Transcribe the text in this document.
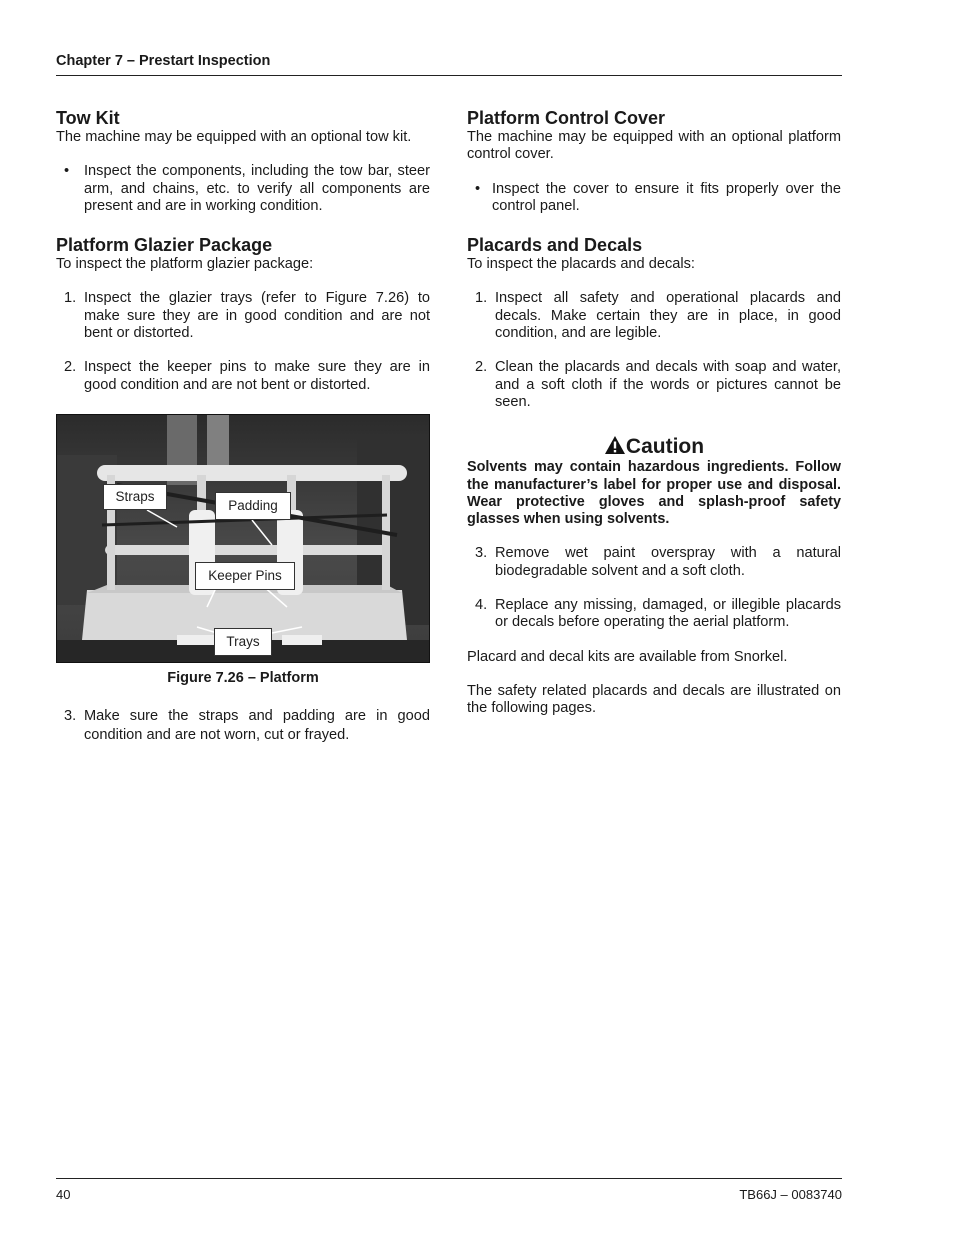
Chapter 7 – Prestart Inspection
Tow Kit

The machine may be equipped with an optional tow kit.

• Inspect the components, including the tow bar, steer arm, and chains, etc. to verify all components are present and are in working condition.
Platform Glazier Package

To inspect the platform glazier package:

1. Inspect the glazier trays (refer to Figure 7.26) to make sure they are in good condition and are not bent or distorted.
2. Inspect the keeper pins to make sure they are in good condition and are not bent or distorted.
Straps
Padding
Keeper Pins
Trays
Figure 7.26 – Platform
3. Make sure the straps and padding are in good condition and are not worn, cut or frayed.
Platform Control Cover

The machine may be equipped with an optional platform control cover.

• Inspect the cover to ensure it fits properly over the control panel.
Placards and Decals

To inspect the placards and decals:

1. Inspect all safety and operational placards and decals. Make certain they are in place, in good condition, and are legible.
2. Clean the placards and decals with soap and water, and a soft cloth if the words or pictures cannot be seen.
Caution

Solvents may contain hazardous ingredients. Follow the manufacturer’s label for proper use and disposal. Wear protective gloves and splash-proof safety glasses when using solvents.

3. Remove wet paint overspray with a natural biodegradable solvent and a soft cloth.
4. Replace any missing, damaged, or illegible placards or decals before operating the aerial platform.

Placard and decal kits are available from Snorkel.

The safety related placards and decals are illustrated on the following pages.

40	TB66J – 0083740
